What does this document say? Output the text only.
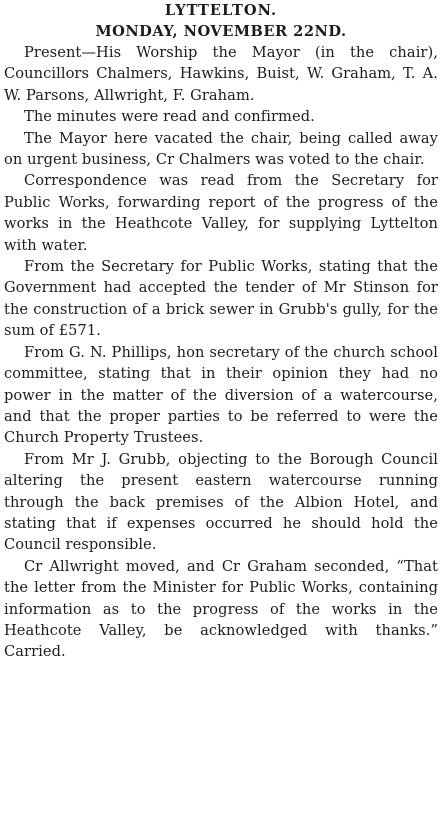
LYTTELTON.
MONDAY, NOVEMBER 22ND.

Present—His Worship the Mayor (in the chair), Councillors Chalmers, Hawkins, Buist, W. Graham, T. A. W. Parsons, Allwright, F. Graham.

The minutes were read and confirmed.

The Mayor here vacated the chair, being called away on urgent business, Cr Chalmers was voted to the chair.

Correspondence was read from the Secretary for Public Works, forwarding report of the progress of the works in the Heathcote Valley, for supplying Lyttelton with water.

From the Secretary for Public Works, stating that the Government had accepted the tender of Mr Stinson for the construction of a brick sewer in Grubb's gully, for the sum of £571.

From G. N. Phillips, hon secretary of the church school committee, stating that in their opinion they had no power in the matter of the diversion of a watercourse, and that the proper parties to be referred to were the Church Property Trustees.

From Mr J. Grubb, objecting to the Borough Council altering the present eastern watercourse running through the back premises of the Albion Hotel, and stating that if expenses occurred he should hold the Council responsible.

Cr Allwright moved, and Cr Graham seconded, “That the letter from the Minister for Public Works, containing information as to the progress of the works in the Heathcote Valley, be acknowledged with thanks.” Carried.
